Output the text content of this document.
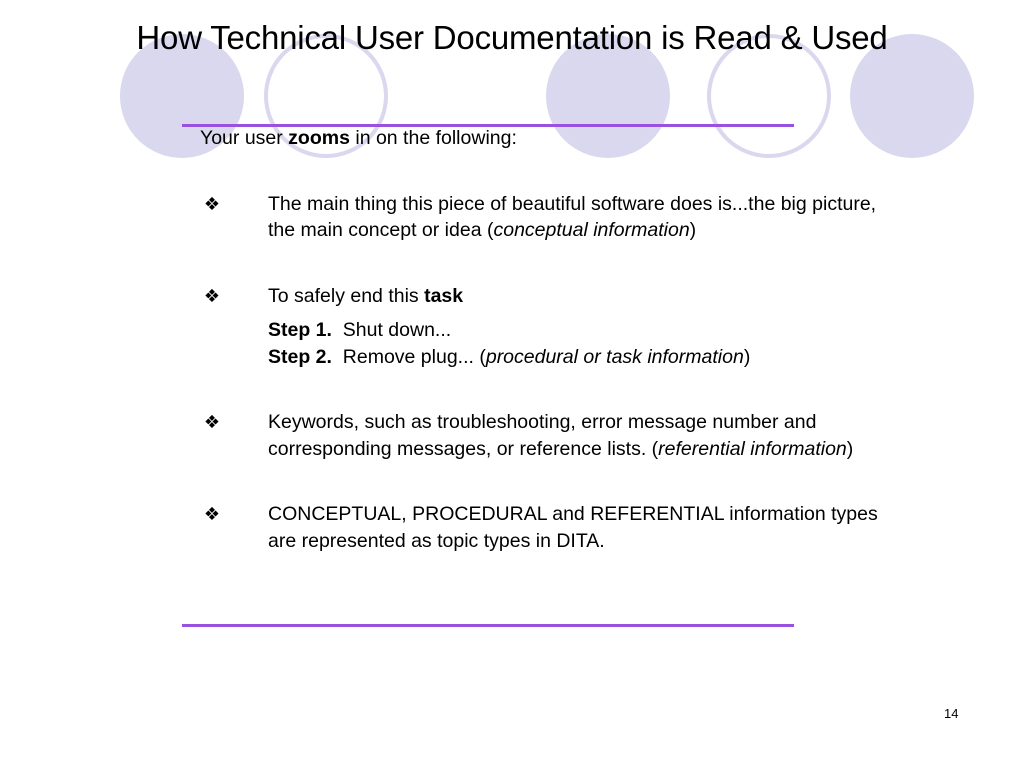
How Technical User Documentation is Read & Used

Your user zooms in on the following:

❖ The main thing this piece of beautiful software does is...the big picture, the main concept or idea (conceptual information)
❖ To safely end this task
Step 1.  Shut down...
Step 2.  Remove plug... (procedural or task information)
❖ Keywords, such as troubleshooting, error message number and corresponding messages, or reference lists. (referential information)
❖ CONCEPTUAL, PROCEDURAL and REFERENTIAL information types are represented as topic types in DITA.
14
